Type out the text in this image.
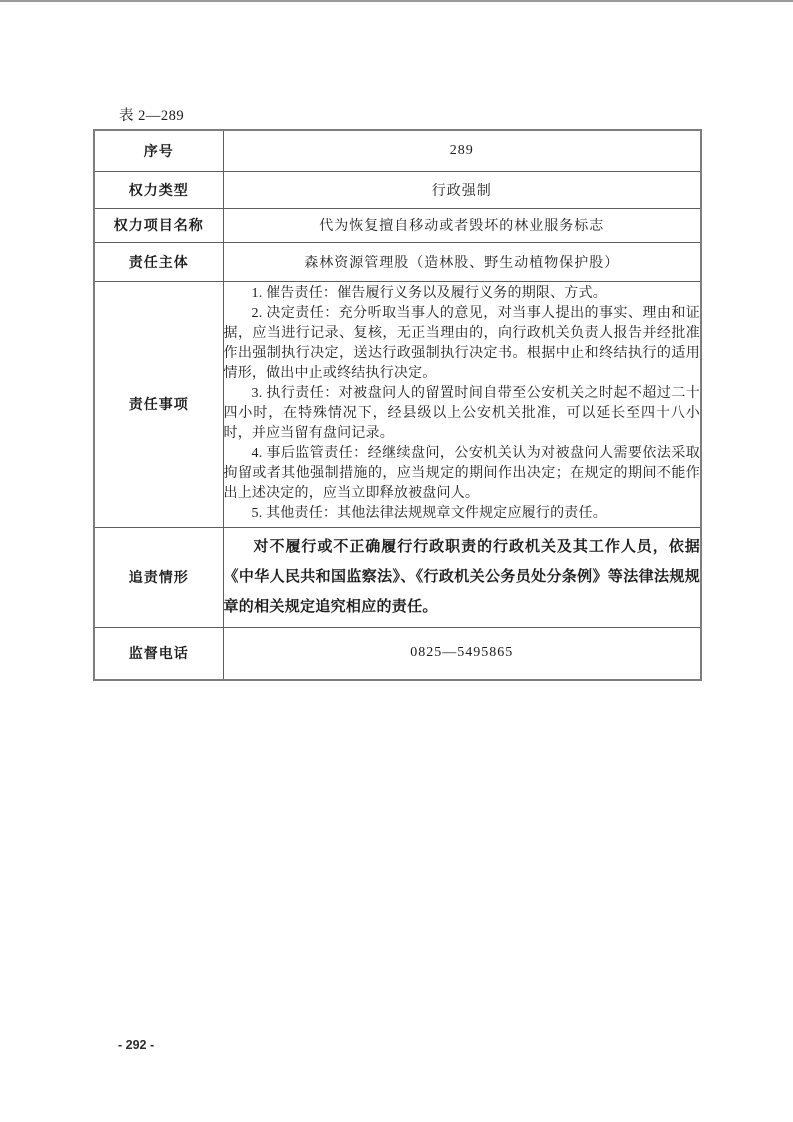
表 2—289
序号	289
权力类型	行政强制
权力项目名称	代为恢复擅自移动或者毁坏的林业服务标志
责任主体	森林资源管理股（造林股、野生动植物保护股）
责任事项	1. 催告责任：催告履行义务以及履行义务的期限、方式。

2. 决定责任：充分听取当事人的意见，对当事人提出的事实、理由和证据，应当进行记录、复核，无正当理由的，向行政机关负责人报告并经批准作出强制执行决定，送达行政强制执行决定书。根据中止和终结执行的适用情形，做出中止或终结执行决定。

3. 执行责任：对被盘问人的留置时间自带至公安机关之时起不超过二十四小时，在特殊情况下，经县级以上公安机关批准，可以延长至四十八小时，并应当留有盘问记录。

4. 事后监管责任：经继续盘问，公安机关认为对被盘问人需要依法采取拘留或者其他强制措施的，应当规定的期间作出决定；在规定的期间不能作出上述决定的，应当立即释放被盘问人。

5. 其他责任：其他法律法规规章文件规定应履行的责任。

追责情形	对不履行或不正确履行行政职责的行政机关及其工作人员，依据《中华人民共和国监察法》、《行政机关公务员处分条例》等法律法规规章的相关规定追究相应的责任。

监督电话	0825—5495865
- 292 -
